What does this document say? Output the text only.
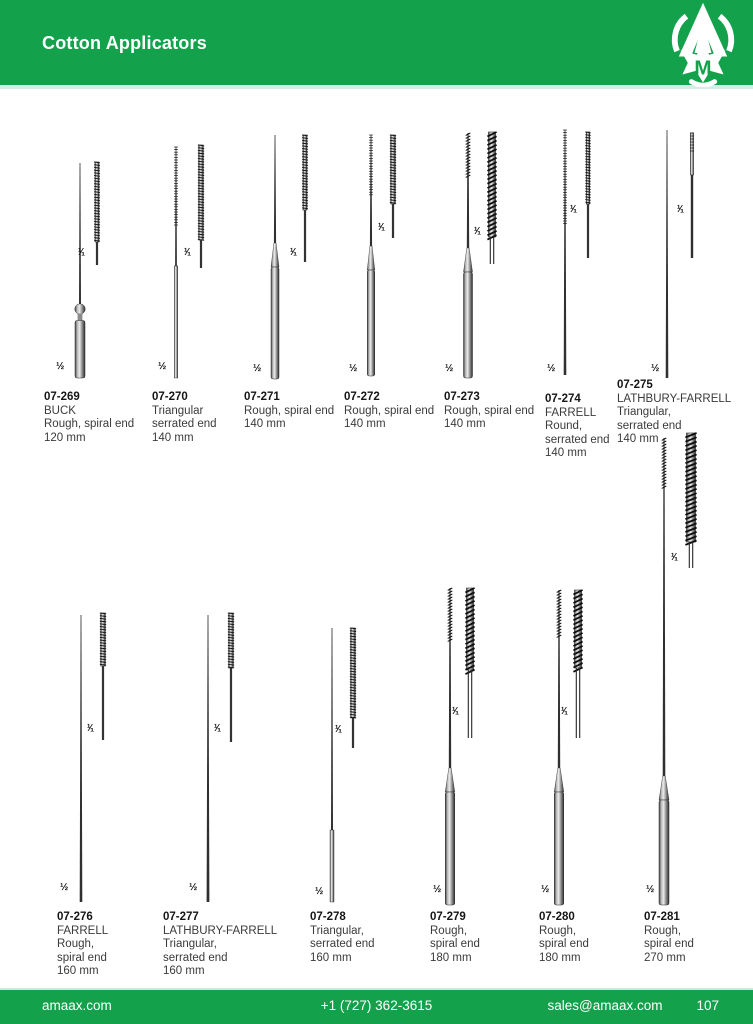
Cotton Applicators
M
07-269
BUCK
Rough, spiral end
120 mm
½
¹⁄₁
07-270
Triangular
serrated end
140 mm
½
¹⁄₁
07-271
Rough, spiral end
140 mm
½
¹⁄₁
07-272
Rough, spiral end
140 mm
½
¹⁄₁
07-273
Rough, spiral end
140 mm
½
¹⁄₁
07-274
FARRELL
Round,
serrated end
140 mm
½
¹⁄₁
07-275
LATHBURY-FARRELL
Triangular,
serrated end
140 mm
½
¹⁄₁
07-276
FARRELL
Rough,
spiral end
160 mm
½
¹⁄₁
07-277
LATHBURY-FARRELL
Triangular,
serrated end
160 mm
½
¹⁄₁
07-278
Triangular,
serrated end
160 mm
½
¹⁄₁
07-279
Rough,
spiral end
180 mm
½
¹⁄₁
07-280
Rough,
spiral end
180 mm
½
¹⁄₁
07-281
Rough,
spiral end
270 mm
½
¹⁄₁
amaax.com	+1 (727) 362-3615	sales@amaax.com	107
